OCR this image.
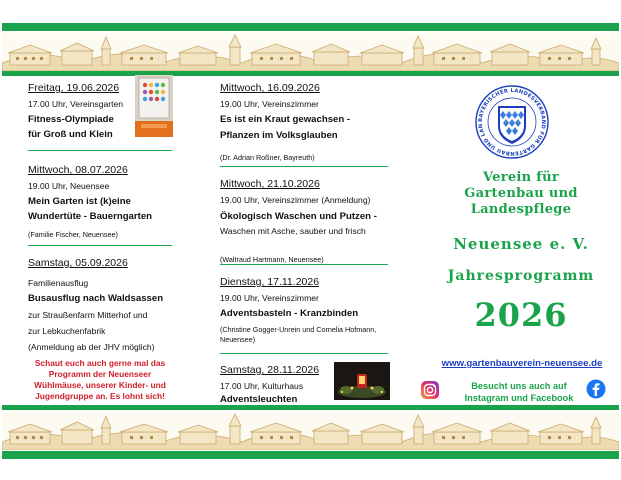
Freitag, 19.06.2026
17.00 Uhr, Vereinsgarten
Fitness-Olympiade
für Groß und Klein
Mittwoch, 08.07.2026
19.00 Uhr, Neuensee
Mein Garten ist (k)eine
Wundertüte - Bauerngarten
(Familie Fischer, Neuensee)
Samstag, 05.09.2026
Familienausflug
Busausflug nach Waldsassen
zur Straußenfarm Mitterhof und
zur Lebkuchenfabrik
(Anmeldung ab der JHV möglich)
Schaut euch auch gerne mal das
Programm der Neuenseer
Wühlmäuse, unserer Kinder- und
Jugendgruppe an. Es lohnt sich!
Mittwoch, 16.09.2026
19.00 Uhr, Vereinszimmer
Es ist ein Kraut gewachsen -
Pflanzen im Volksglauben
(Dr. Adrian Roßner, Bayreuth)
Mittwoch, 21.10.2026
19.00 Uhr, Vereinszimmer (Anmeldung)
Ökologisch Waschen und Putzen -
Waschen mit Asche, sauber und frisch
(Waltraud Hartmann, Neuensee)
Dienstag, 17.11.2026
19.00 Uhr, Vereinszimmer
Adventsbasteln - Kranzbinden
(Christine Gogger-Unrein und Cornelia Hofmann,
Neuensee)
Samstag, 28.11.2026
17.00 Uhr, Kulturhaus
Adventsleuchten
BAYERISCHER LANDESVERBAND FÜR GARTENBAU UND LAN
Verein für
Gartenbau und
Landespflege
Neuensee e. V.
Jahresprogramm
2026
www.gartenbauverein-neuensee.de
Besucht uns auch auf
Instagram und Facebook
